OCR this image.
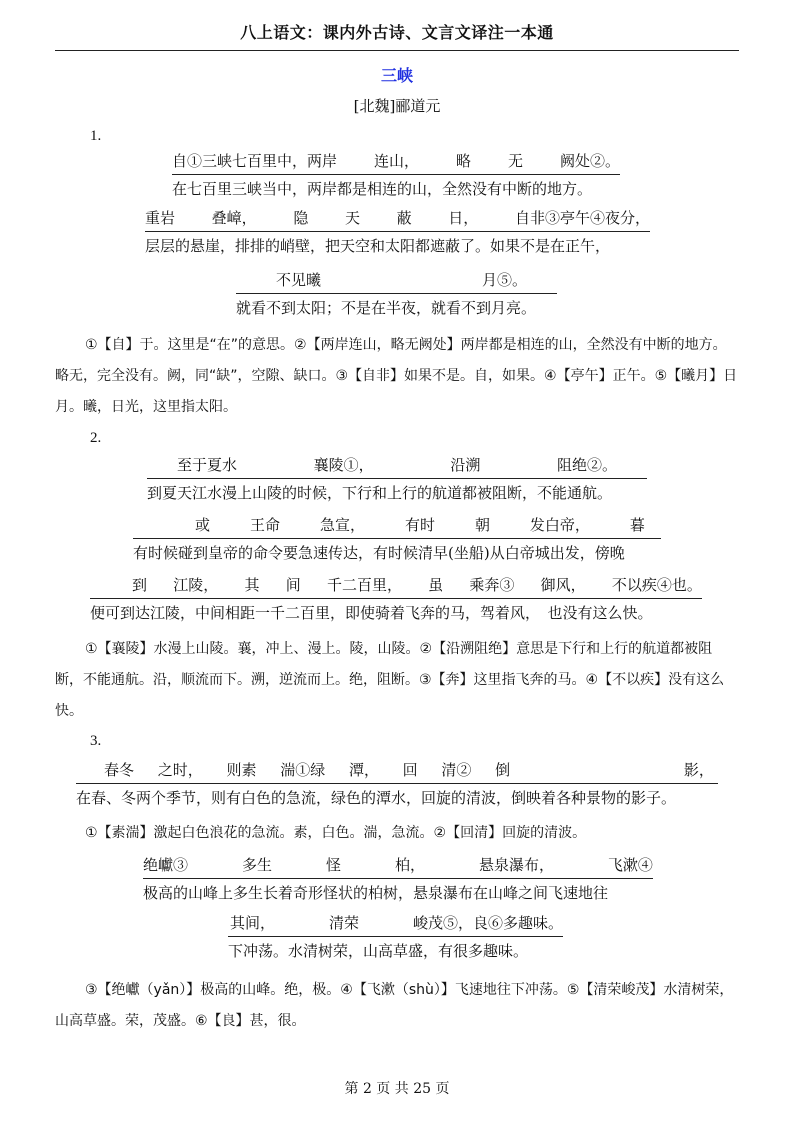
八上语文：课内外古诗、文言文译注一本通
三峡
[北魏]郦道元
1.
自①三峡七百里中，两岸 连山， 略 无 阙处②。
在七百里三峡当中，两岸都是相连的山，全然没有中断的地方。
重岩 叠嶂， 隐 天 蔽 日， 自非③亭午④夜分，
层层的悬崖，排排的峭壁，把天空和太阳都遮蔽了。如果不是在正午，
不见曦	月⑤。
就看不到太阳；不是在半夜，就看不到月亮。
①【自】于。这里是“在”的意思。②【两岸连山，略无阙处】两岸都是相连的山，全然没有中断的地方。略无，完全没有。阙，同“缺”，空隙、缺口。③【自非】如果不是。自，如果。④【亭午】正午。⑤【曦月】日月。曦，日光，这里指太阳。
2.
至于夏水	襄陵①，	沿溯	阻绝②。
到夏天江水漫上山陵的时候，下行和上行的航道都被阻断，不能通航。
或	王命	急宣，	有时	朝	发白帝，	暮
有时候碰到皇帝的命令要急速传达，有时候清早(坐船)从白帝城出发，傍晚
到 江陵， 其 间 千二百里， 虽 乘奔③ 御风， 不以疾④也。
便可到达江陵，中间相距一千二百里，即使骑着飞奔的马，驾着风，　也没有这么快。
①【襄陵】水漫上山陵。襄，冲上、漫上。陵，山陵。②【沿溯阻绝】意思是下行和上行的航道都被阻断，不能通航。沿，顺流而下。溯，逆流而上。绝，阻断。③【奔】这里指飞奔的马。④【不以疾】没有这么快。
3.
春冬 之时， 则素 湍①绿 潭， 回 清② 倒	影，
在春、冬两个季节，则有白色的急流，绿色的潭水，回旋的清波，倒映着各种景物的影子。
①【素湍】激起白色浪花的急流。素，白色。湍，急流。②【回清】回旋的清波。
绝巘③	多生	怪	柏，	悬泉瀑布，	飞漱④
极高的山峰上多生长着奇形怪状的柏树，悬泉瀑布在山峰之间飞速地往
其间，	清荣	峻茂⑤，良⑥多趣味。
下冲荡。水清树荣，山高草盛，有很多趣味。
③【绝巘（yǎn）】极高的山峰。绝，极。④【飞漱（shù）】飞速地往下冲荡。⑤【清荣峻茂】水清树荣，山高草盛。荣，茂盛。⑥【良】甚，很。
第 2 页 共 25 页
